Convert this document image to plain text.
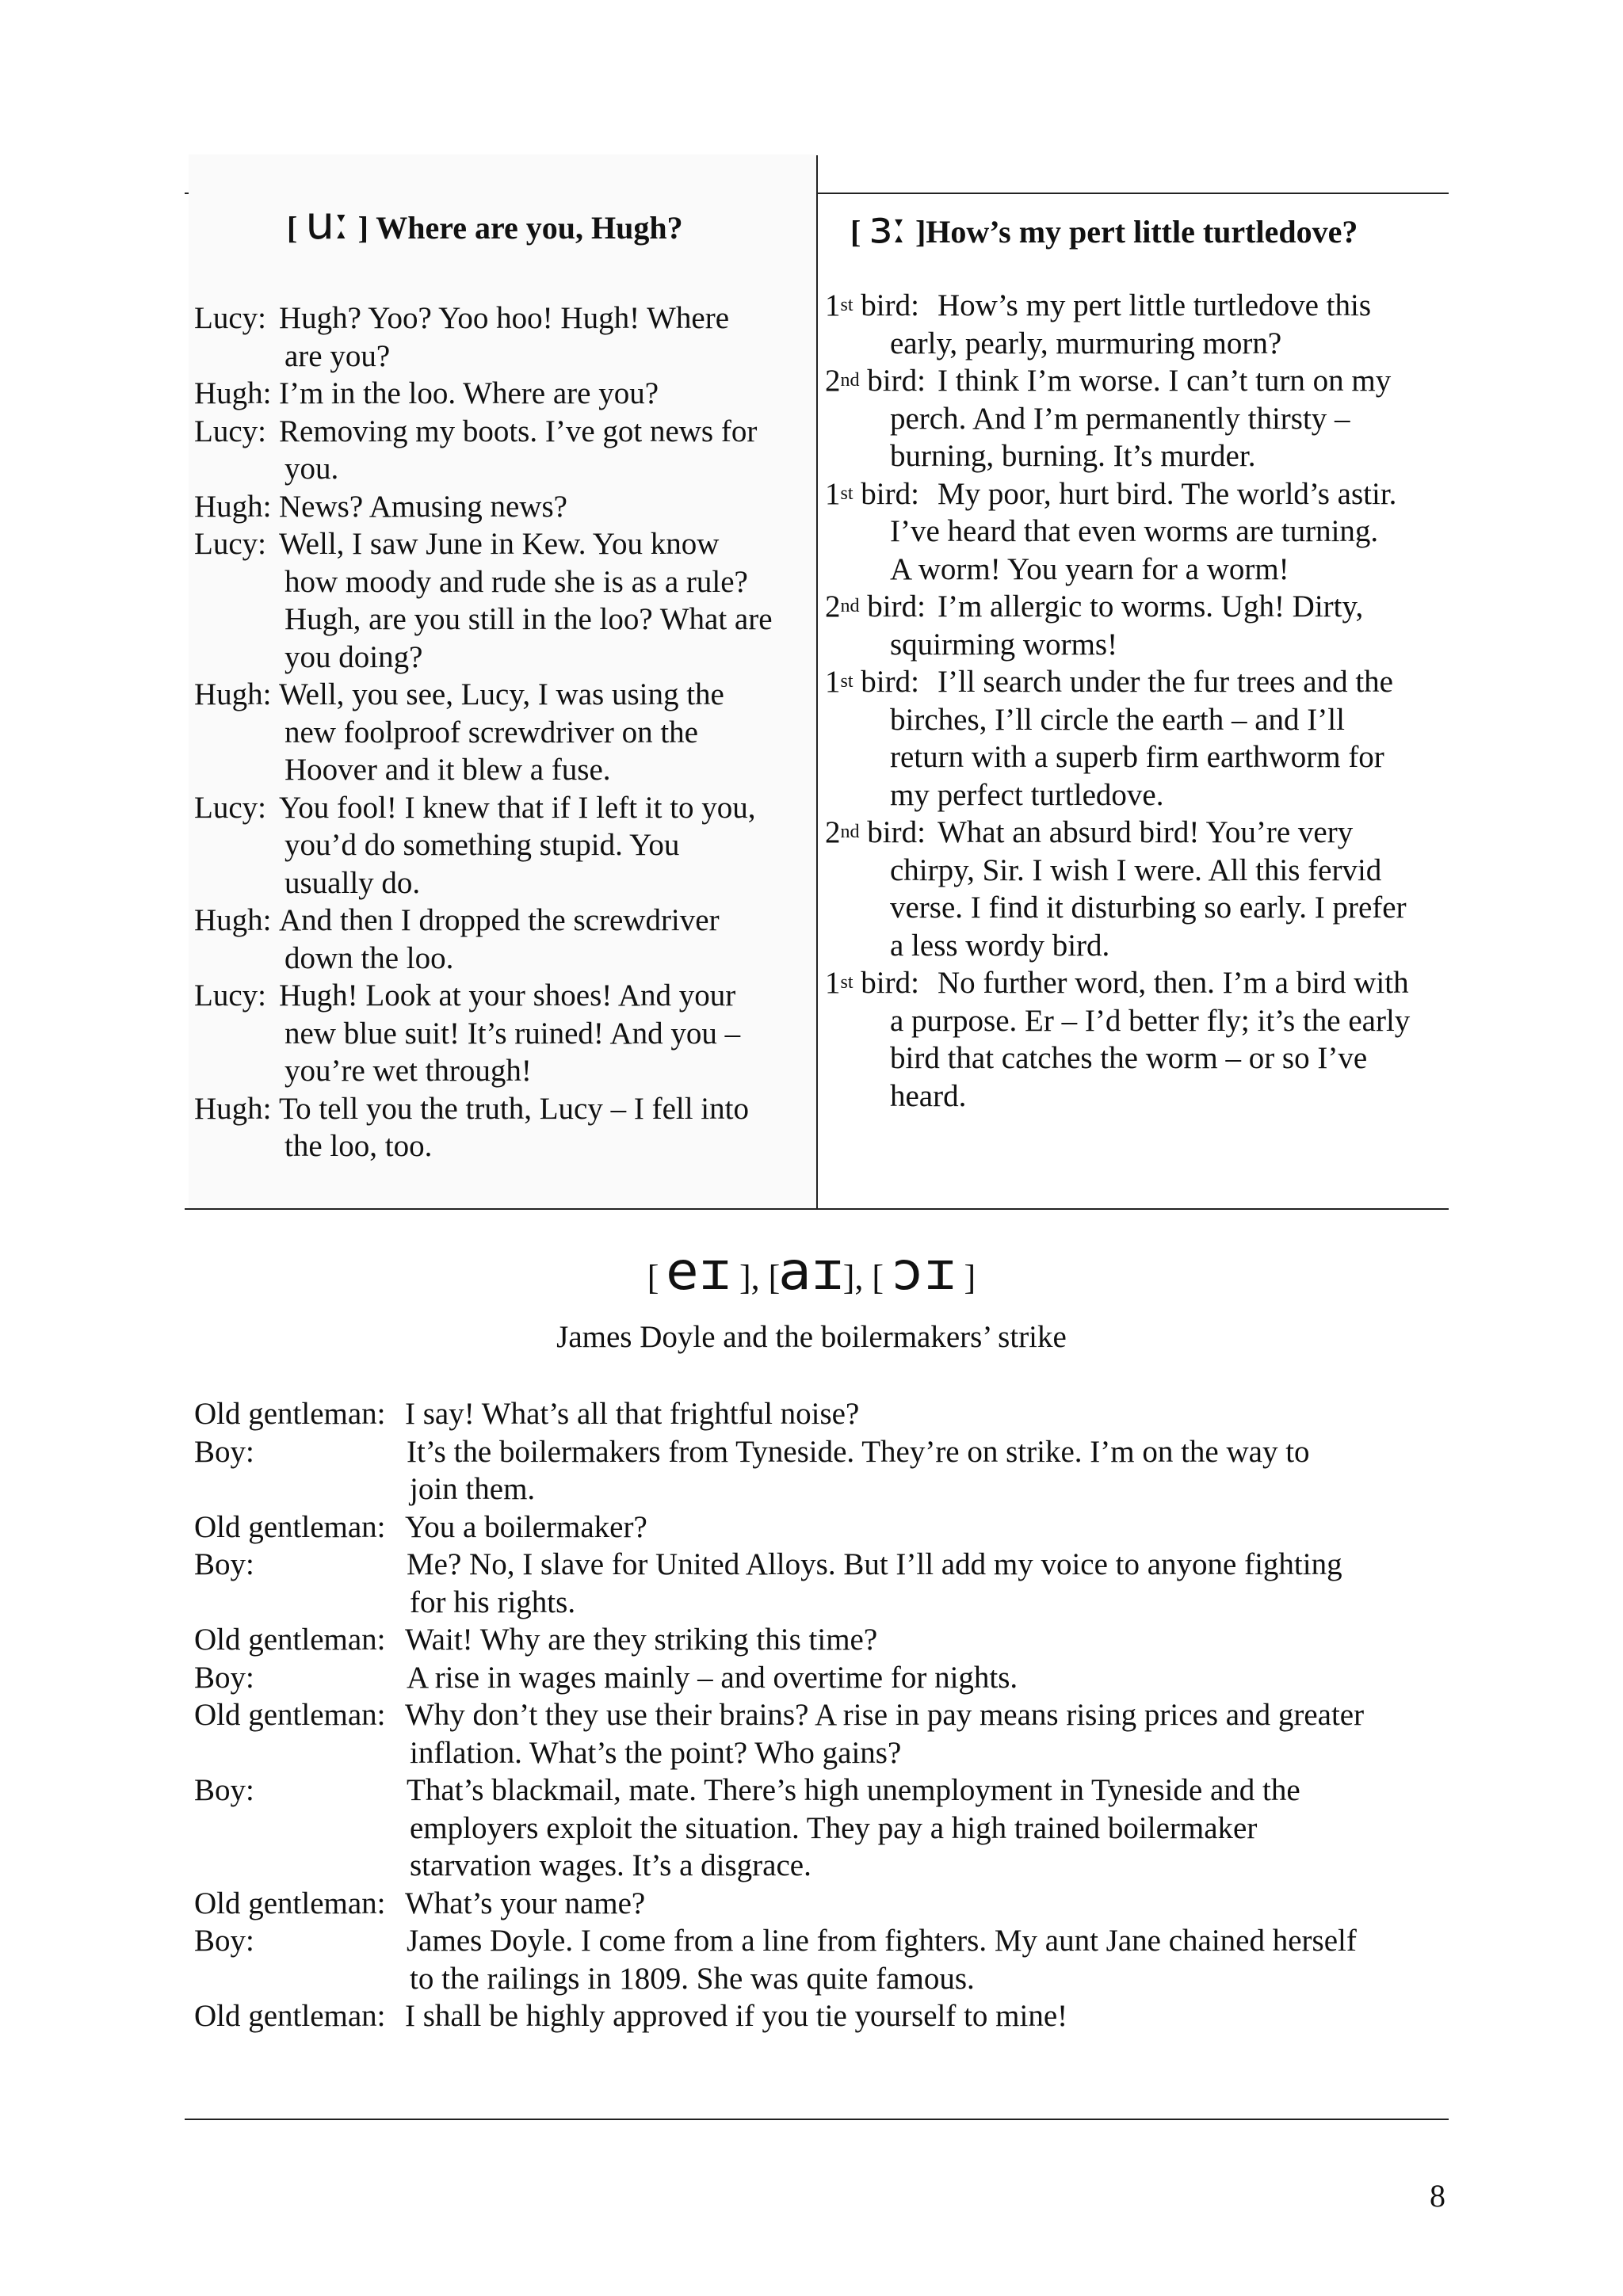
[ uː ] Where are you, Hugh?	[ ɜː ]How’s my pert little turtledove?
Lucy: Hugh? Yoo? Yoo hoo! Hugh! Where
are you?
Hugh: I’m in the loo. Where are you?
Lucy: Removing my boots. I’ve got news for
you.
Hugh: News? Amusing news?
Lucy: Well, I saw June in Kew. You know
how moody and rude she is as a rule?
Hugh, are you still in the loo? What are
you doing?
Hugh: Well, you see, Lucy, I was using the
new foolproof screwdriver on the
Hoover and it blew a fuse.
Lucy: You fool! I knew that if I left it to you,
you’d do something stupid. You
usually do.
Hugh: And then I dropped the screwdriver
down the loo.
Lucy: Hugh! Look at your shoes! And your
new blue suit! It’s ruined! And you –
you’re wet through!
Hugh: To tell you the truth, Lucy – I fell into
the loo, too.
1st bird: How’s my pert little turtledove this
early, pearly, murmuring morn?
2nd bird: I think I’m worse. I can’t turn on my
perch. And I’m permanently thirsty –
burning, burning. It’s murder.
1st bird: My poor, hurt bird. The world’s astir.
I’ve heard that even worms are turning.
A worm! You yearn for a worm!
2nd bird: I’m allergic to worms. Ugh! Dirty,
squirming worms!
1st bird: I’ll search under the fur trees and the
birches, I’ll circle the earth – and I’ll
return with a superb firm earthworm for
my perfect turtledove.
2nd bird: What an absurd bird! You’re very
chirpy, Sir. I wish I were. All this fervid
verse. I find it disturbing so early. I prefer
a less wordy bird.
1st bird: No further word, then. I’m a bird with
a purpose. Er – I’d better fly; it’s the early
bird that catches the worm – or so I’ve
heard.
[ eɪ ], [aɪ], [ ɔɪ ]
James Doyle and the boilermakers’ strike
Old gentleman: I say! What’s all that frightful noise?
Boy:	It’s the boilermakers from Tyneside. They’re on strike. I’m on the way to
join them.
Old gentleman: You a boilermaker?
Boy:	Me? No, I slave for United Alloys. But I’ll add my voice to anyone fighting
for his rights.
Old gentleman: Wait! Why are they striking this time?
Boy:	A rise in wages mainly – and overtime for nights.
Old gentleman: Why don’t they use their brains? A rise in pay means rising prices and greater
inflation. What’s the point? Who gains?
Boy:	That’s blackmail, mate. There’s high unemployment in Tyneside and the
employers exploit the situation. They pay a high trained boilermaker
starvation wages. It’s a disgrace.
Old gentleman: What’s your name?
Boy:	James Doyle. I come from a line from fighters. My aunt Jane chained herself
to the railings in 1809. She was quite famous.
Old gentleman: I shall be highly approved if you tie yourself to mine!
8
